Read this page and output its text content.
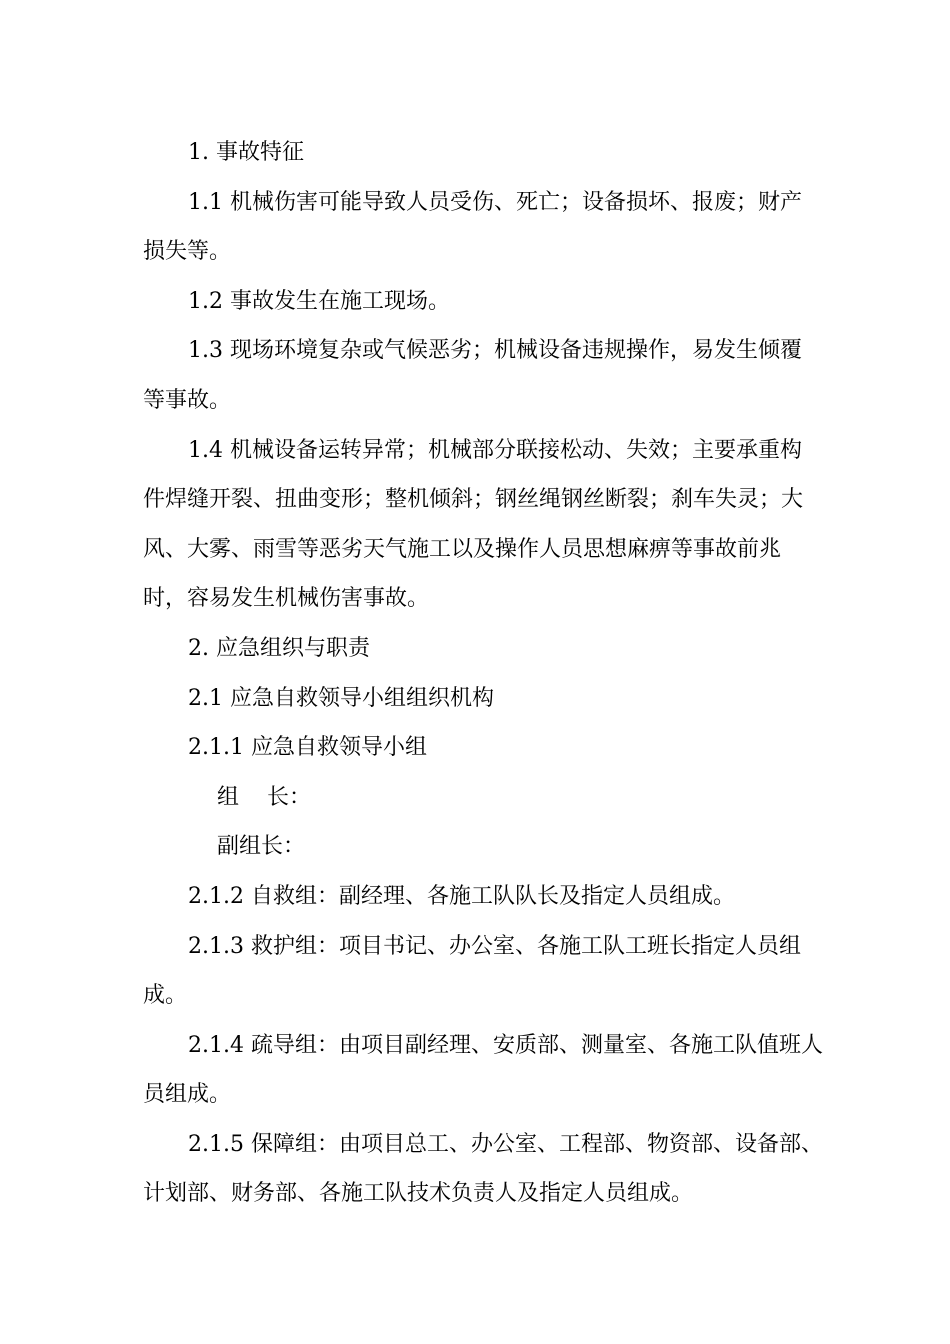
1. 事故特征

1.1 机械伤害可能导致人员受伤、死亡；设备损坏、报废；财产损失等。

1.2 事故发生在施工现场。

1.3 现场环境复杂或气候恶劣；机械设备违规操作，易发生倾覆等事故。

1.4 机械设备运转异常；机械部分联接松动、失效；主要承重构件焊缝开裂、扭曲变形；整机倾斜；钢丝绳钢丝断裂；刹车失灵；大风、大雾、雨雪等恶劣天气施工以及操作人员思想麻痹等事故前兆时，容易发生机械伤害事故。

2. 应急组织与职责

2.1 应急自救领导小组组织机构

2.1.1 应急自救领导小组

组    长：

副组长：

2.1.2 自救组：副经理、各施工队队长及指定人员组成。

2.1.3 救护组：项目书记、办公室、各施工队工班长指定人员组成。

2.1.4 疏导组：由项目副经理、安质部、测量室、各施工队值班人员组成。

2.1.5 保障组：由项目总工、办公室、工程部、物资部、设备部、计划部、财务部、各施工队技术负责人及指定人员组成。
